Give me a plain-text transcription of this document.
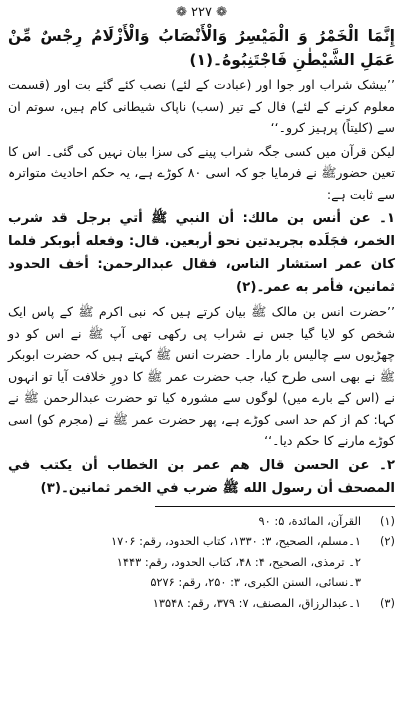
❁ ۲۲۷ ❁

إِنَّمَا الْخَمْرُ وَ الْمَيْسِرُ وَالْأَنْصَابُ وَالْأَزْلَامُ رِجْسٌ مِّنْ عَمَلِ الشَّيْطٰنِ فَاجْتَنِبُوهُ۔(۱)

’’بیشک شراب اور جوا اور (عبادت کے لئے) نصب کئے گئے بت اور (قسمت معلوم کرنے کے لئے) فال کے تیر (سب) ناپاک شیطانی کام ہیں، سوتم ان سے (کلیتاً) پرہیز کرو۔‘‘

لیکن قرآن میں کسی جگہ شراب پینے کی سزا بیان نہیں کی گئی۔ اس کا تعین حضورﷺ نے فرمایا جو کہ اسی ۸۰ کوڑے ہے، یہ حکم احادیث متواترہ سے ثابت ہے:

۱۔ عن أنس بن مالك: أن النبي ﷺ أتي برجل قد شرب الخمر، فجَلَده بجريدتين نحو أربعين. قال: وفعله أبوبكر فلما كان عمر استشار الناس، فقال عبدالرحمن: أخف الحدود ثمانين، فأمر به عمر۔(۲)

’’حضرت انس بن مالک ﷺ بیان کرتے ہیں کہ نبی اکرم ﷺ کے پاس ایک شخص کو لایا گیا جس نے شراب پی رکھی تھی آپ ﷺ نے اس کو دو چھڑیوں سے چالیس بار مارا۔ حضرت انس ﷺ کہتے ہیں کہ حضرت ابوبکر ﷺ نے بھی اسی طرح کیا، جب حضرت عمر ﷺ کا دورِ خلافت آیا تو انہوں نے (اس کے بارے میں) لوگوں سے مشورہ کیا تو حضرت عبدالرحمن ﷺ نے کہا: کم از کم حد اسی کوڑے ہے، پھر حضرت عمر ﷺ نے (مجرم کو) اسی کوڑے مارنے کا حکم دیا۔‘‘

۲۔ عن الحسن قال هم عمر بن الخطاب أن يكتب في المصحف أن رسول الله ﷺ ضرب في الخمر ثمانين۔(۳)

(۱)
القرآن، المائدة، ۵: ۹۰
(۲)
۱۔مسلم، الصحيح، ۳: ۱۳۳۰، كتاب الحدود، رقم: ۱۷۰۶
۲۔ ترمذی، الصحيح، ۴: ۴۸، كتاب الحدود، رقم: ۱۴۴۳
۳۔نسائی، السنن الكبرى، ۳: ۲۵۰، رقم: ۵۲۷۶
(۳)
۱۔عبدالرزاق، المصنف، ۷: ۳۷۹، رقم: ۱۳۵۴۸
